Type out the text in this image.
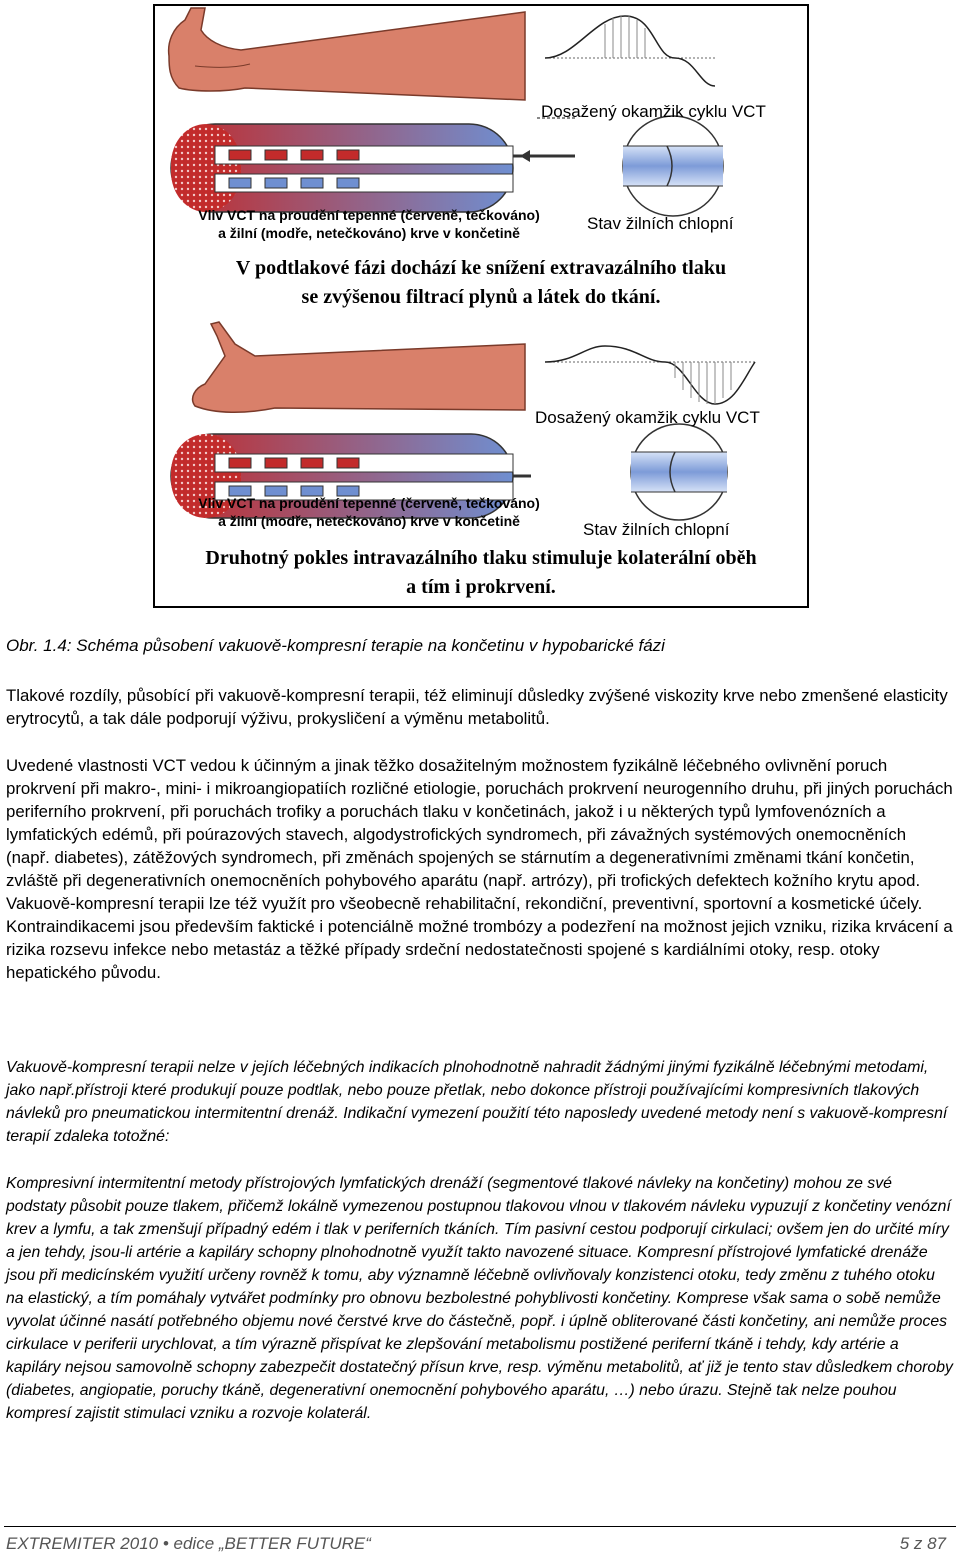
Dosažený okamžik cyklu VCT
Vliv VCT na proudění tepenné (červeně, tečkováno)
a žilní (modře, netečkováno) krve v končetině	Stav žilních chlopní
V podtlakové fázi dochází ke snížení extravazálního tlaku
se zvýšenou filtrací plynů a látek do tkání.
Dosažený okamžik cyklu VCT
Vliv VCT na proudění tepenné (červeně, tečkováno)
a žilní (modře, netečkováno) krve v končetině	Stav žilních chlopní
Druhotný pokles intravazálního tlaku stimuluje kolaterální oběh
a tím i prokrvení.
Obr. 1.4: Schéma působení vakuově-kompresní terapie na končetinu v hypobarické fázi

Tlakové rozdíly, působící při vakuově-kompresní terapii, též eliminují důsledky zvýšené viskozity krve nebo zmenšené elasticity erytrocytů, a tak dále podporují výživu, prokysličení a výměnu metabolitů.

Uvedené vlastnosti VCT vedou k účinným a jinak těžko dosažitelným možnostem fyzikálně léčebného ovlivnění poruch prokrvení při makro-, mini- i mikroangiopatiích rozličné etiologie, poruchách prokrvení neurogenního druhu, při jiných poruchách periferního prokrvení, při poruchách trofiky a poruchách tlaku v končetinách, jakož i u některých typů lymfovenózních a lymfatických edémů, při poúrazových stavech, algodystrofických syndromech, při závažných systémových onemocněních (např. diabetes), zátěžových syndromech, při změnách spojených se stárnutím a degenerativními změnami tkání končetin, zvláště při degenerativních onemocněních pohybového aparátu (např. artrózy), při trofických defektech kožního krytu apod. Vakuově-kompresní terapii lze též využít pro všeobecně rehabilitační, rekondiční, preventivní, sportovní a kosmetické účely. Kontraindikacemi jsou především faktické i potenciálně možné trombózy a podezření na možnost jejich vzniku, rizika krvácení a rizika rozsevu infekce nebo metastáz a těžké případy srdeční nedostatečnosti spojené s kardiálními otoky, resp. otoky hepatického původu.

Vakuově-kompresní terapii nelze v jejích léčebných indikacích plnohodnotně nahradit žádnými jinými fyzikálně léčebnými metodami, jako např.přístroji které produkují pouze podtlak, nebo pouze přetlak, nebo dokonce přístroji používajícími kompresivních tlakových návleků pro pneumatickou intermitentní drenáž. Indikační vymezení použití této naposledy uvedené metody není s vakuově-kompresní terapií zdaleka totožné:

Kompresivní intermitentní metody přístrojových lymfatických drenáží (segmentové tlakové návleky na končetiny) mohou ze své podstaty působit pouze tlakem, přičemž lokálně vymezenou postupnou tlakovou vlnou v tlakovém návleku vypuzují z končetiny venózní krev a lymfu, a tak zmenšují případný edém i tlak v periferních tkáních. Tím pasivní cestou podporují cirkulaci; ovšem jen do určité míry a jen tehdy, jsou-li artérie a kapiláry schopny plnohodnotně využít takto navozené situace. Kompresní přístrojové lymfatické drenáže jsou při medicínském využití určeny rovněž k tomu, aby významně léčebně ovlivňovaly konzistenci otoku, tedy změnu z tuhého otoku na elastický, a tím pomáhaly vytvářet podmínky pro obnovu bezbolestné pohyblivosti končetiny. Komprese však sama o sobě nemůže vyvolat účinné nasátí potřebného objemu nové čerstvé krve do částečně, popř. i úplně obliterované části končetiny, ani nemůže proces cirkulace v periferii urychlovat, a tím výrazně přispívat ke zlepšování metabolismu postižené periferní tkáně i tehdy, kdy artérie a kapiláry nejsou samovolně schopny zabezpečit dostatečný přísun krve, resp. výměnu metabolitů, ať již je tento stav důsledkem choroby (diabetes, angiopatie, poruchy tkáně, degenerativní onemocnění pohybového aparátu, …) nebo úrazu. Stejně tak nelze pouhou kompresí zajistit stimulaci vzniku a rozvoje kolaterál.

EXTREMITER 2010 • edice „BETTER FUTURE“	5 z 87
